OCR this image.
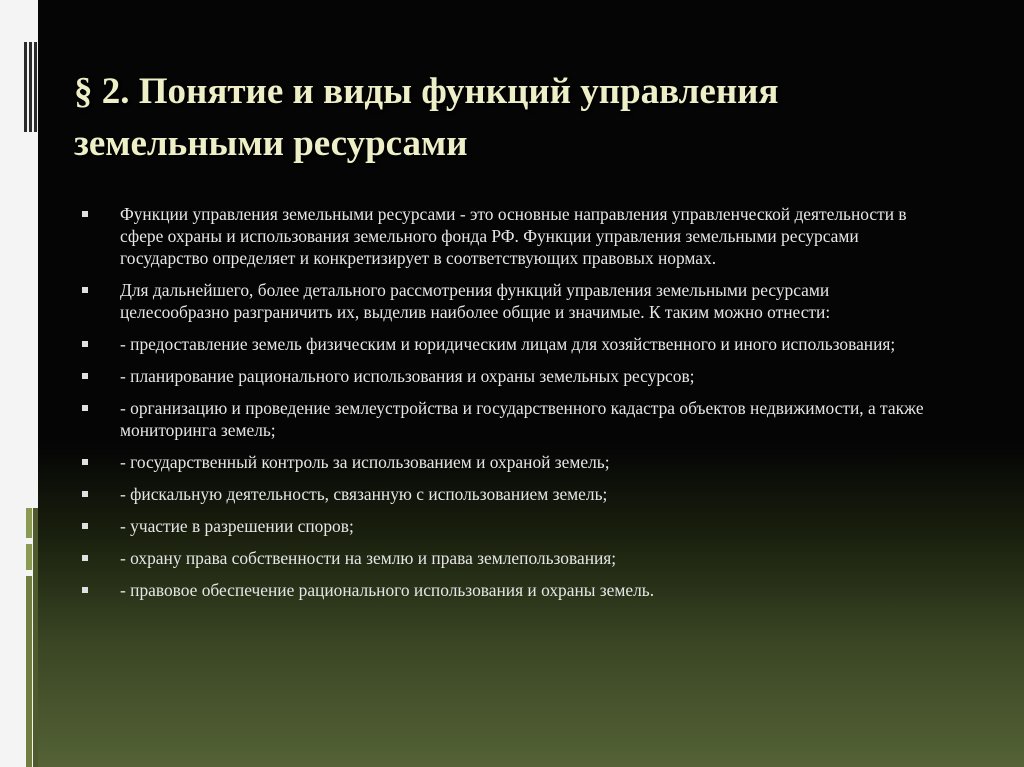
§ 2. Понятие и виды функций управления земельными ресурсами
Функции управления земельными ресурсами - это основные направления управленческой деятельности в сфере охраны и использования земельного фонда РФ. Функции управления земельными ресурсами государство определяет и конкретизирует в соответствующих правовых нормах.
Для дальнейшего, более детального рассмотрения функций управления земельными ресурсами целесообразно разграничить их, выделив наиболее общие и значимые. К таким можно отнести:
- предоставление земель физическим и юридическим лицам для хозяйственного и иного использования;
- планирование рационального использования и охраны земельных ресурсов;
- организацию и проведение землеустройства и государственного кадастра объектов недвижимости, а также мониторинга земель;
- государственный контроль за использованием и охраной земель;
- фискальную деятельность, связанную с использованием земель;
- участие в разрешении споров;
- охрану права собственности на землю и права землепользования;
- правовое обеспечение рационального использования и охраны земель.
